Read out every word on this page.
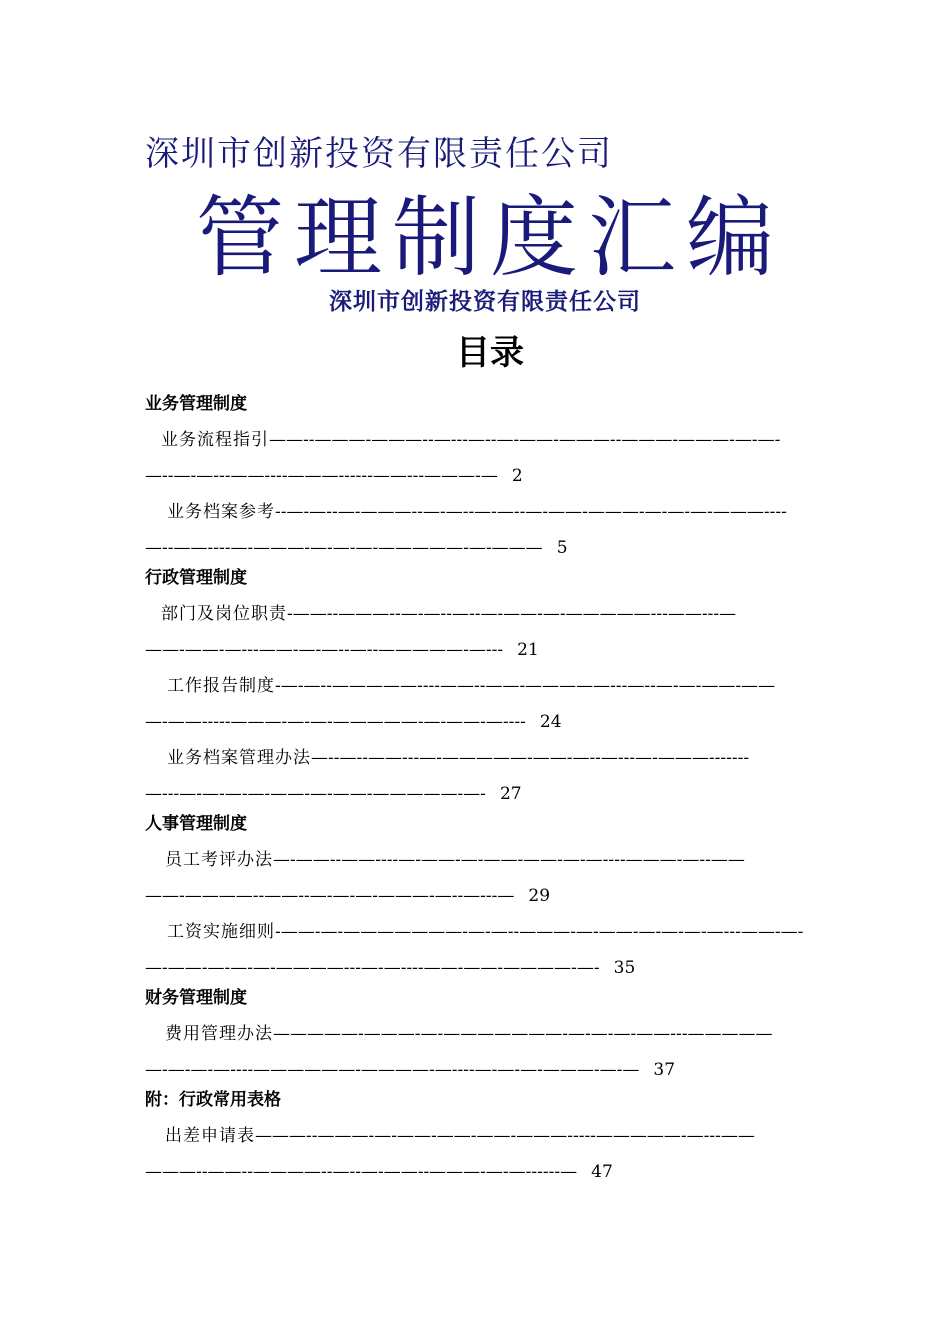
深圳市创新投资有限责任公司
管理制度汇编
深圳市创新投资有限责任公司
目录
业务管理制度
业务流程指引——--———-———--—---—--—-——-———--———-———-—-—-
—--—-—---——----———------——---———-— 2
业务档案参考--—-—--—-———--—-—--—-—--—-——-———-—-—-—-———----
—--——----—-———-—-—-—-—————-—-——— 5
行政管理制度
部门及岗位职责-——--———--—-—--—--—-——-—-—————---——---—
——-——-—---——-—-—--—--—————-—--- 21
工作报告制度-—-—--—————----——--——-—————---—--—-—-——-——
—-——-----———-—-—-—————-—-——-—---- 24
业务档案管理办法—--—--——---—-—————-——-—--—---—-———-------
—---—-—-—-—-——-—-——-—————-—- 27
人事管理制度
员工考评办法—-——--——----—-——-—-——-——-—-—----———-—--——
——-————--——--—-—-—-———-—--—---— 29
工资实施细则-——-—-———————-—-—--———-—-——-—-—-—-—---——-—-
—-——-—-—-—-————---—-—----——-——-————-—- 35
财务管理制度
费用管理办法—————-———-—-———————-—-—-—-——---—————
—-—-—-—----——————-————-—----—-—-—-———-—-— 37
附：行政常用表格
出差申请表———--———-—-——-——-——-———-----—————-—---——
———--——--————--—--—-——--———-—-—------— 47
